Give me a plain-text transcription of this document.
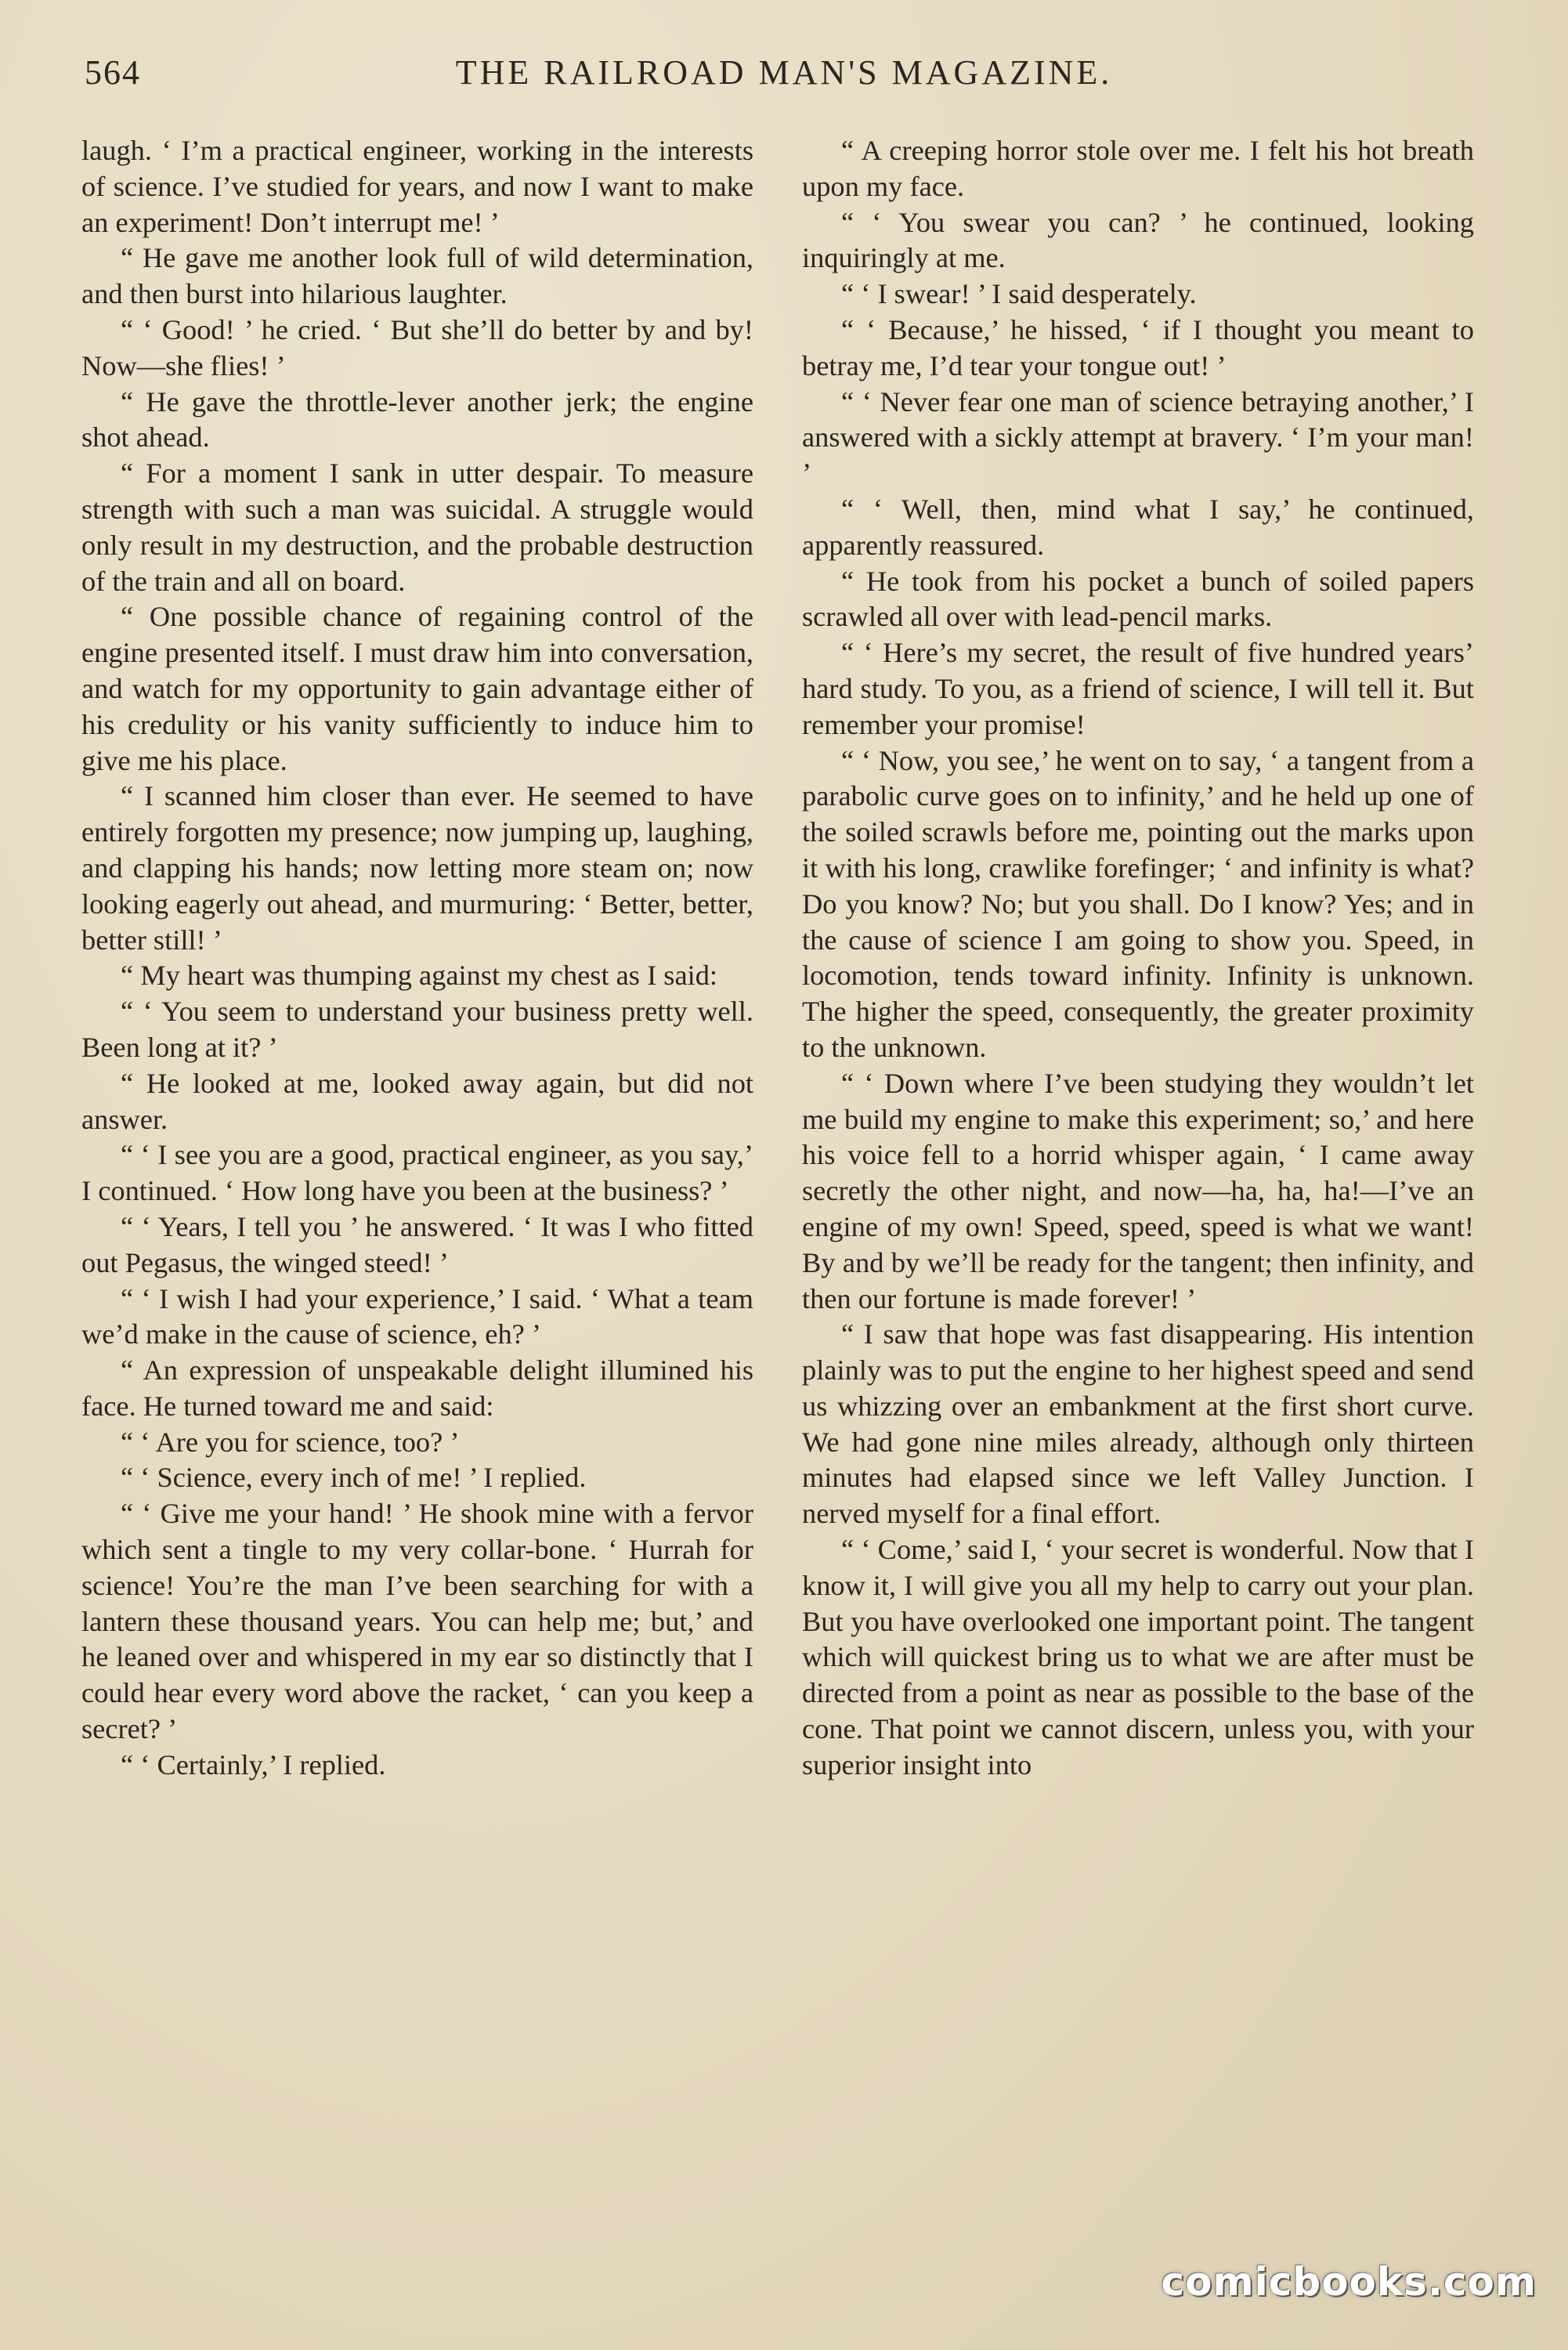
564	THE RAILROAD MAN'S MAGAZINE.

laugh. ‘ I’m a practical engineer, working in the interests of science. I’ve studied for years, and now I want to make an experiment! Don’t interrupt me! ’

“ He gave me another look full of wild determination, and then burst into hilarious laughter.

“ ‘ Good! ’ he cried. ‘ But she’ll do better by and by! Now—she flies! ’

“ He gave the throttle-lever another jerk; the engine shot ahead.

“ For a moment I sank in utter despair. To measure strength with such a man was suicidal. A struggle would only result in my destruction, and the probable destruction of the train and all on board.

“ One possible chance of regaining control of the engine presented itself. I must draw him into conversation, and watch for my opportunity to gain advantage either of his credulity or his vanity sufficiently to induce him to give me his place.

“ I scanned him closer than ever. He seemed to have entirely forgotten my presence; now jumping up, laughing, and clapping his hands; now letting more steam on; now looking eagerly out ahead, and murmuring: ‘ Better, better, better still! ’

“ My heart was thumping against my chest as I said:

“ ‘ You seem to understand your business pretty well. Been long at it? ’

“ He looked at me, looked away again, but did not answer.

“ ‘ I see you are a good, practical engineer, as you say,’ I continued. ‘ How long have you been at the business? ’

“ ‘ Years, I tell you ’ he answered. ‘ It was I who fitted out Pegasus, the winged steed! ’

“ ‘ I wish I had your experience,’ I said. ‘ What a team we’d make in the cause of science, eh? ’

“ An expression of unspeakable delight illumined his face. He turned toward me and said:

“ ‘ Are you for science, too? ’

“ ‘ Science, every inch of me! ’ I replied.

“ ‘ Give me your hand! ’ He shook mine with a fervor which sent a tingle to my very collar-bone. ‘ Hurrah for science! You’re the man I’ve been searching for with a lantern these thousand years. You can help me; but,’ and he leaned over and whispered in my ear so distinctly that I could hear every word above the racket, ‘ can you keep a secret? ’

“ ‘ Certainly,’ I replied.

“ A creeping horror stole over me. I felt his hot breath upon my face.

“ ‘ You swear you can? ’ he continued, looking inquiringly at me.

“ ‘ I swear! ’ I said desperately.

“ ‘ Because,’ he hissed, ‘ if I thought you meant to betray me, I’d tear your tongue out! ’

“ ‘ Never fear one man of science betraying another,’ I answered with a sickly attempt at bravery. ‘ I’m your man! ’

“ ‘ Well, then, mind what I say,’ he continued, apparently reassured.

“ He took from his pocket a bunch of soiled papers scrawled all over with lead-pencil marks.

“ ‘ Here’s my secret, the result of five hundred years’ hard study. To you, as a friend of science, I will tell it. But remember your promise!

“ ‘ Now, you see,’ he went on to say, ‘ a tangent from a parabolic curve goes on to infinity,’ and he held up one of the soiled scrawls before me, pointing out the marks upon it with his long, crawlike forefinger; ‘ and infinity is what? Do you know? No; but you shall. Do I know? Yes; and in the cause of science I am going to show you. Speed, in locomotion, tends toward infinity. Infinity is unknown. The higher the speed, consequently, the greater proximity to the unknown.

“ ‘ Down where I’ve been studying they wouldn’t let me build my engine to make this experiment; so,’ and here his voice fell to a horrid whisper again, ‘ I came away secretly the other night, and now—ha, ha, ha!—I’ve an engine of my own! Speed, speed, speed is what we want! By and by we’ll be ready for the tangent; then infinity, and then our fortune is made forever! ’

“ I saw that hope was fast disappearing. His intention plainly was to put the engine to her highest speed and send us whizzing over an embankment at the first short curve. We had gone nine miles already, although only thirteen minutes had elapsed since we left Valley Junction. I nerved myself for a final effort.

“ ‘ Come,’ said I, ‘ your secret is wonderful. Now that I know it, I will give you all my help to carry out your plan. But you have overlooked one important point. The tangent which will quickest bring us to what we are after must be directed from a point as near as possible to the base of the cone. That point we cannot discern, unless you, with your superior insight into

comicbooks.com
